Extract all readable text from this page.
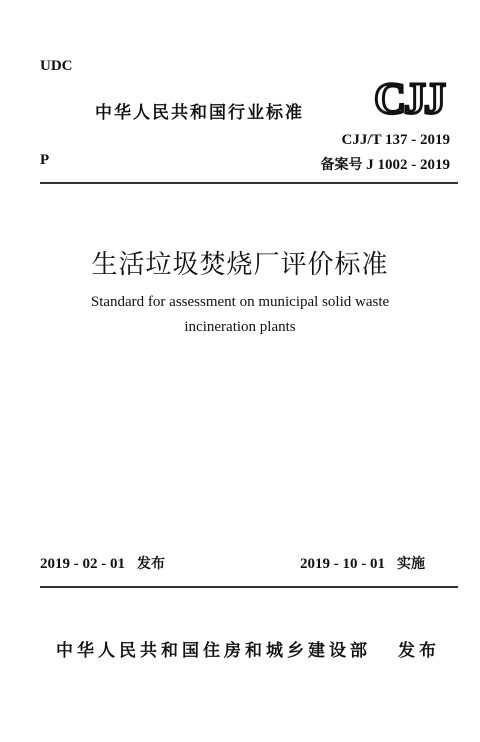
UDC
中华人民共和国行业标准 CJJ
CJJ/T 137 - 2019
备案号 J 1002 - 2019
P
生活垃圾焚烧厂评价标准
Standard for assessment on municipal solid waste
incineration plants
2019 - 02 - 01 发布	2019 - 10 - 01 实施
中华人民共和国住房和城乡建设部 发布
